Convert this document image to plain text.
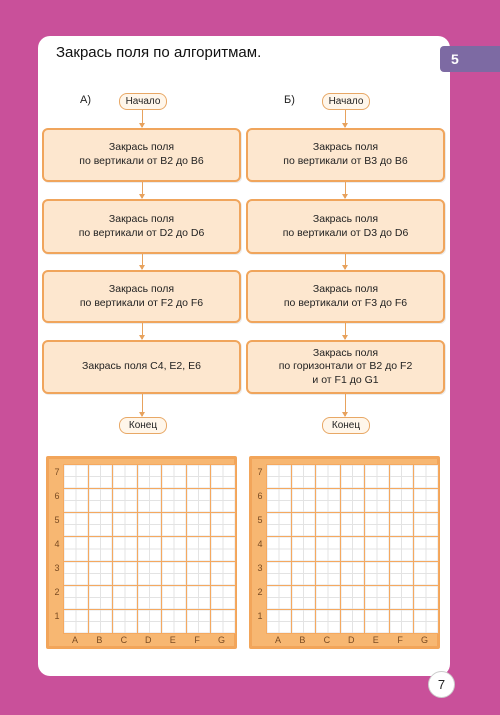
5
Закрась поля по алгоритмам.
А)	Начало
Закрась поля
по вертикали от B2 до B6
Закрась поля
по вертикали от D2 до D6
Закрась поля
по вертикали от F2 до F6
Закрась поля C4, E2, E6
Конец
Б)	Начало
Закрась поля
по вертикали от B3 до B6
Закрась поля
по вертикали от D3 до D6
Закрась поля
по вертикали от F3 до F6
Закрась поля
по горизонтали от B2 до F2
и от F1 до G1
Конец
7
6
5
4
3
2
1
A	B	C	D	E	F	G
7
6
5
4
3
2
1
A	B	C	D	E	F	G
7
